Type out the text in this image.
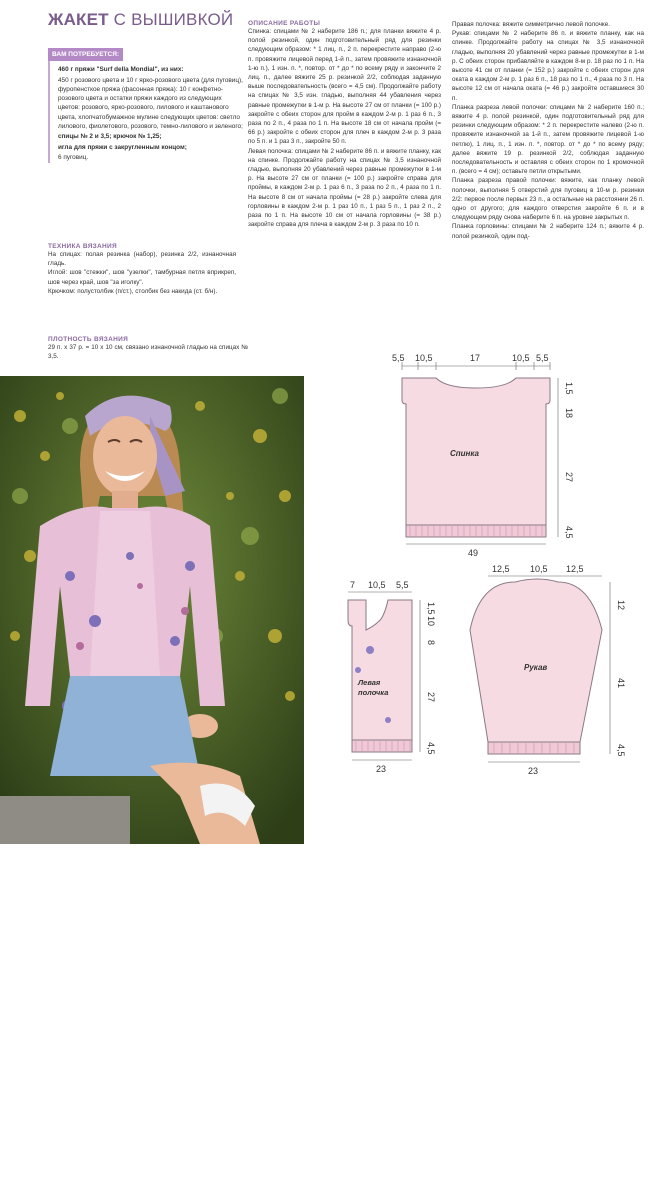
ЖАКЕТ С ВЫШИВКОЙ
ВАМ ПОТРЕБУЕТСЯ:

460 г пряжи "Surf della Mondial", из них:

450 г розового цвета и 10 г ярко-розового цвета (для пуговиц), фуропенсткое пряжа (фасонная пряжа): 10 г конфетно-розового цвета и остатки пряжи каждого из следующих цветов: розового, ярко-розового, лилового и каштанового цвета, хлопчатобумажное мулине следующих цветов: светло лилового, фиолетового, розового, темно-лилового и зеленого;

спицы № 2 и 3,5; крючок № 1,25;

игла для пряжи с закругленным концом;

6 пуговиц.

ТЕХНИКА ВЯЗАНИЯ
На спицах: полая резинка (набор), резинка 2/2, изнаночная гладь.
Иглой: шов "стежки", шов "узелки", тамбурная петля вприкреп, шов через край, шов "за иголку".
Крючком: полустолбик (п/ст.), столбик без накида (ст. б/н).
ПЛОТНОСТЬ ВЯЗАНИЯ
29 п. х 37 р. = 10 х 10 см, связано изнаночной гладью на спицах № 3,5.
ОПИСАНИЕ РАБОТЫ
Спинка: спицами № 2 наберите 186 п.; для планки вяжите 4 р. полой резинкой, один подготовительный ряд для резинки следующим образом: * 1 лиц. п., 2 п. перекрестите направо (2-ю п. провяжите лицевой перед 1-й п., затем провяжите изнаночной 1-ю п.), 1 изн. п. *, повтор. от * до * по всему ряду и закончите 2 лиц. п., далее вяжите 25 р. резинкой 2/2, соблюдая заданную выше последовательность (всего = 4,5 см). Продолжайте работу на спицах № 3,5 изн. гладью, выполняя 44 убавления через равные промежутки в 1-м р. На высоте 27 см от планки (= 100 р.) закройте с обеих сторон для пройм в каждом 2-м р. 1 раз 6 п., 3 раза по 2 п., 4 раза по 1 п. На высоте 18 см от начала пройм (= 66 р.) закройте с обеих сторон для плеч в каждом 2-м р. 3 раза по 5 п. и 1 раз 3 п., закройте 50 п.
Левая полочка: спицами № 2 наберите 86 п. и вяжите планку, как на спинке. Продолжайте работу на спицах № 3,5 изнаночной гладью, выполняя 20 убавлений через равные промежутки в 1-м р. На высоте 27 см от планки (= 100 р.) закройте справа для проймы, в каждом 2-м р. 1 раз 6 п., 3 раза по 2 п., 4 раза по 1 п. На высоте 8 см от начала проймы (= 28 р.) закройте слева для горловины в каждом 2-м р. 1 раз 10 п., 1 раз 5 п., 1 раз 2 п., 2 раза по 1 п. На высоте 10 см от начала горловины (= 38 р.) закройте справа для плеча в каждом 2-м р. 3 раза по 10 п.
Правая полочка: вяжите симметрично левой полочке.
Рукав: спицами № 2 наберите 86 п. и вяжите планку, как на спинке. Продолжайте работу на спицах № 3,5 изнаночной гладью, выполняя 20 убавлений через равные промежутки в 1-м р. С обеих сторон прибавляйте в каждом 8-м р. 18 раз по 1 п. На высоте 41 см от планки (= 152 р.) закройте с обеих сторон для оката в каждом 2-м р. 1 раз 6 п., 18 раз по 1 п., 4 раза по 3 п. На высоте 12 см от начала оката (= 46 р.) закройте оставшиеся 30 п.
Планка разреза левой полочки: спицами № 2 наберите 160 п.; вяжите 4 р. полой резинкой, один подготовительный ряд для резинки следующим образом: * 2 п. перекрестите налево (2-ю п. провяжите изнаночной за 1-й п., затем провяжите лицевой 1-ю петлю), 1 лиц. п., 1 изн. п. *, повтор. от * до * по всему ряду; далее вяжите 19 р. резинкой 2/2, соблюдая заданную последовательность и оставляя с обеих сторон по 1 кромочной п. (всего = 4 см); оставьте петли открытыми.
Планка разреза правой полочки: вяжите, как планку левой полочки, выполняя 5 отверстий для пуговиц в 10-м р. резинки 2/2: первое после первых 23 п., а остальные на расстоянии 26 п. одно от другого; для каждого отверстия закройте 6 п. и в следующем ряду снова наберите 6 п. на уровне закрытых п.
Планка горловины: спицами № 2 наберите 124 п.; вяжите 4 р. полой резинкой, один под-
6
5,5 10,5	17	10,5 5,5
1,5
18
27
4,5
49
Спинка
7 10,5 5,5
1,5
10
8
27
4,5
23
Левая
полочка
12,5 10,5 12,5
12
41
4,5
23
Рукав
